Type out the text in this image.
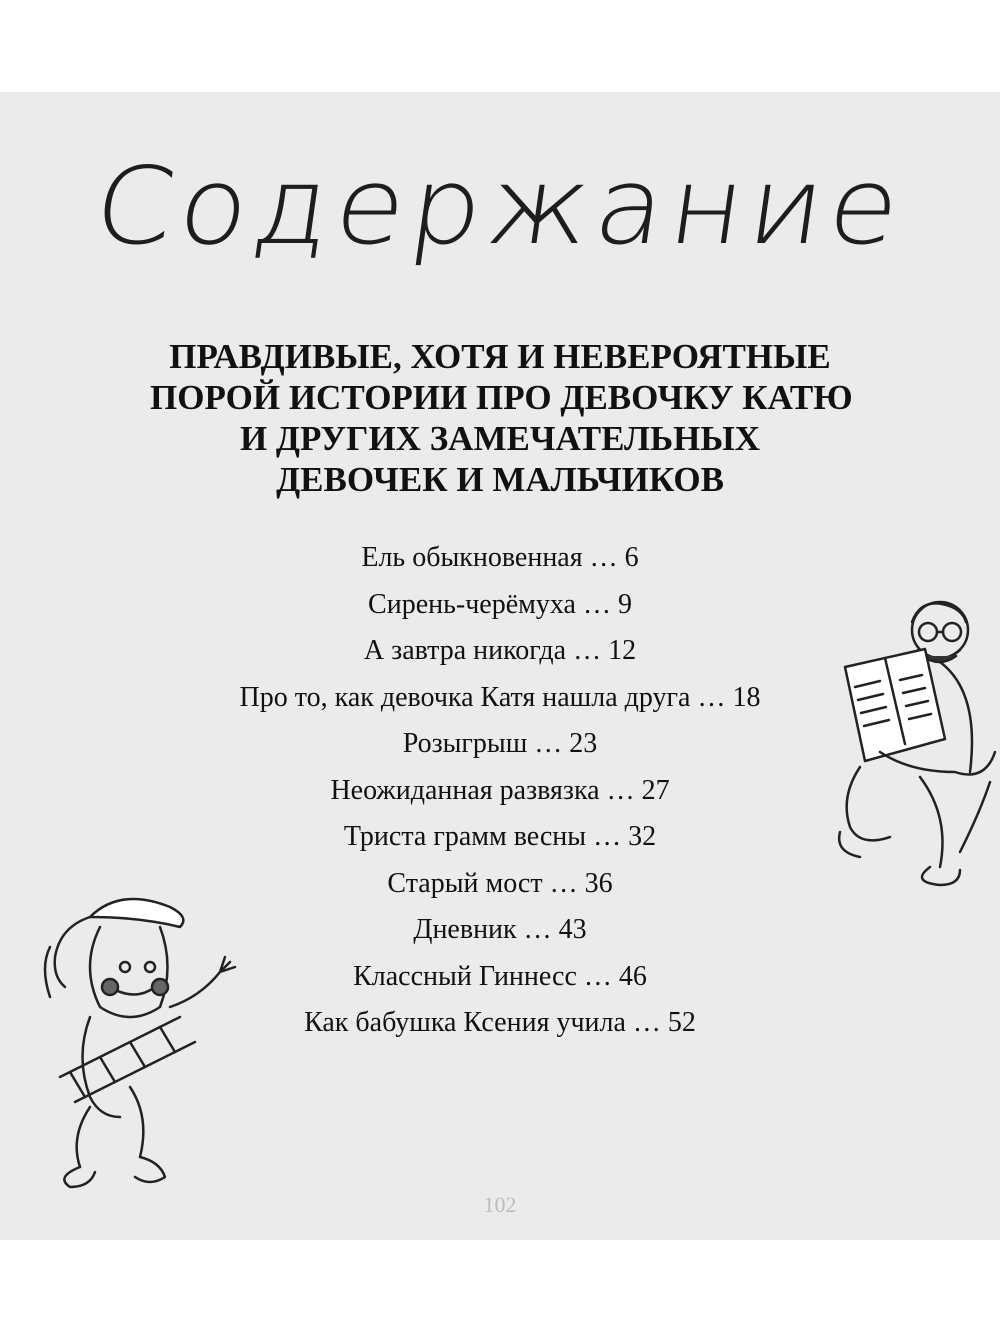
Содержание
ПРАВДИВЫЕ, ХОТЯ И НЕВЕРОЯТНЫЕ
ПОРОЙ ИСТОРИИ ПРО ДЕВОЧКУ КАТЮ
И ДРУГИХ ЗАМЕЧАТЕЛЬНЫХ
ДЕВОЧЕК И МАЛЬЧИКОВ
Ель обыкновенная … 6
Сирень-черёмуха … 9
А завтра никогда … 12
Про то, как девочка Катя нашла друга … 18
Розыгрыш … 23
Неожиданная развязка … 27
Триста грамм весны … 32
Старый мост … 36
Дневник … 43
Классный Гиннесс … 46
Как бабушка Ксения учила … 52
102
